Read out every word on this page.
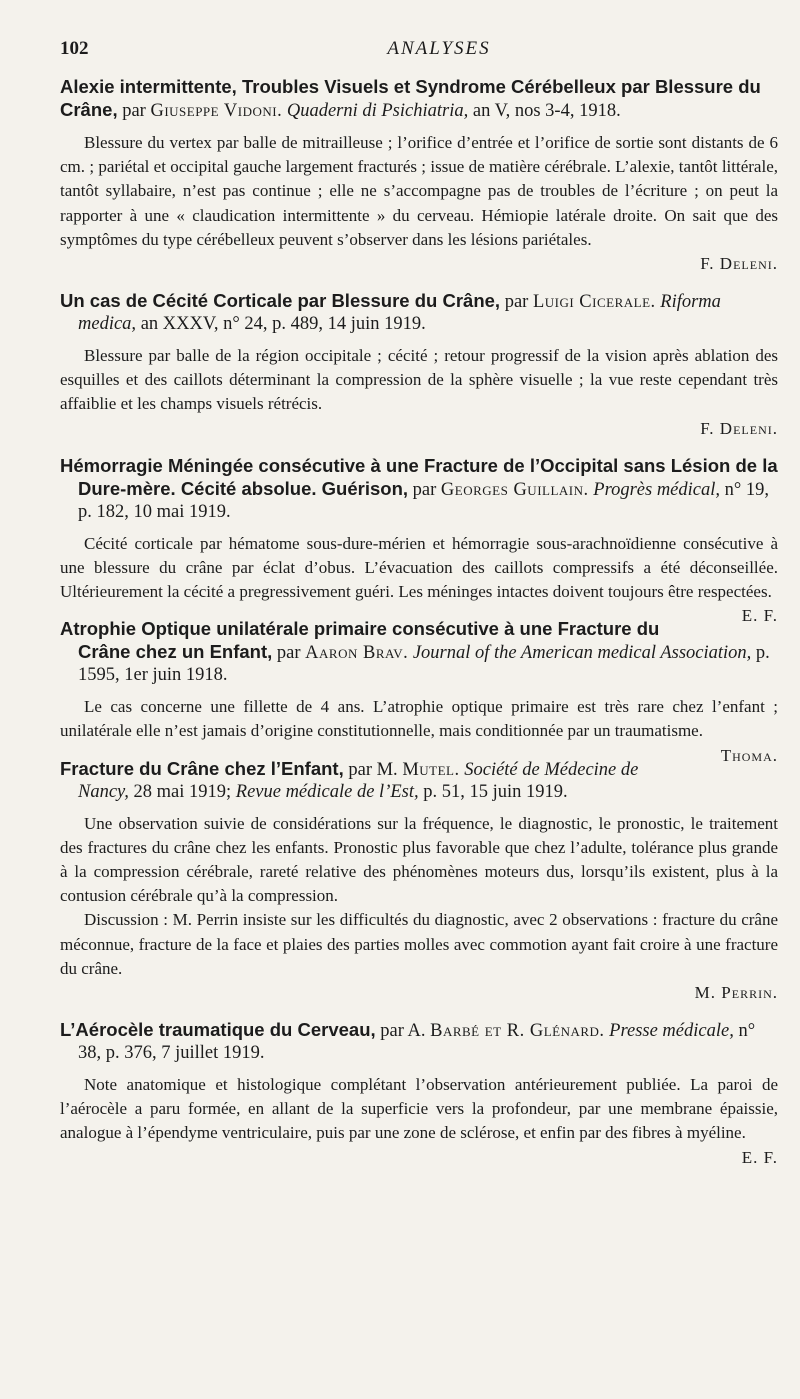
102	ANALYSES

Alexie intermittente, Troubles Visuels et Syndrome Cérébelleux par Blessure du Crâne, par Giuseppe Vidoni. Quaderni di Psichiatria, an V, nos 3-4, 1918.

Blessure du vertex par balle de mitrailleuse ; l’orifice d’entrée et l’orifice de sortie sont distants de 6 cm. ; pariétal et occipital gauche largement fracturés ; issue de matière cérébrale. L’alexie, tantôt littérale, tantôt syllabaire, n’est pas continue ; elle ne s’accompagne pas de troubles de l’écriture ; on peut la rapporter à une « claudication intermittente » du cerveau. Hémiopie latérale droite. On sait que des symptômes du type cérébelleux peuvent s’observer dans les lésions pariétales.

F. Deleni.

Un cas de Cécité Corticale par Blessure du Crâne, par Luigi Cicerale. Riforma medica, an XXXV, n° 24, p. 489, 14 juin 1919.

Blessure par balle de la région occipitale ; cécité ; retour progressif de la vision après ablation des esquilles et des caillots déterminant la compression de la sphère visuelle ; la vue reste cependant très affaiblie et les champs visuels rétrécis.

F. Deleni.

Hémorragie Méningée consécutive à une Fracture de l’Occipital sans Lésion de la Dure-mère. Cécité absolue. Guérison, par Georges Guillain. Progrès médical, n° 19, p. 182, 10 mai 1919.

Cécité corticale par hématome sous-dure-mérien et hémorragie sous-arachnoïdienne consécutive à une blessure du crâne par éclat d’obus. L’évacuation des caillots compressifs a été déconseillée. Ultérieurement la cécité a pregressivement guéri. Les méninges intactes doivent toujours être respectées.
E. F.

Atrophie Optique unilatérale primaire consécutive à une Fracture du Crâne chez un Enfant, par Aaron Brav. Journal of the American medical Association, p. 1595, 1er juin 1918.

Le cas concerne une fillette de 4 ans. L’atrophie optique primaire est très rare chez l’enfant ; unilatérale elle n’est jamais d’origine constitutionnelle, mais conditionnée par un traumatisme.
Thoma.

Fracture du Crâne chez l’Enfant, par M. Mutel. Société de Médecine de Nancy, 28 mai 1919; Revue médicale de l’Est, p. 51, 15 juin 1919.

Une observation suivie de considérations sur la fréquence, le diagnostic, le pronostic, le traitement des fractures du crâne chez les enfants. Pronostic plus favorable que chez l’adulte, tolérance plus grande à la compression cérébrale, rareté relative des phénomènes moteurs dus, lorsqu’ils existent, plus à la contusion cérébrale qu’à la compression.

Discussion : M. Perrin insiste sur les difficultés du diagnostic, avec 2 observations : fracture du crâne méconnue, fracture de la face et plaies des parties molles avec commotion ayant fait croire à une fracture du crâne.

M. Perrin.

L’Aérocèle traumatique du Cerveau, par A. Barbé et R. Glénard. Presse médicale, n° 38, p. 376, 7 juillet 1919.

Note anatomique et histologique complétant l’observation antérieurement publiée. La paroi de l’aérocèle a paru formée, en allant de la superficie vers la profondeur, par une membrane épaissie, analogue à l’épendyme ventriculaire, puis par une zone de sclérose, et enfin par des fibres à myéline.
E. F.
